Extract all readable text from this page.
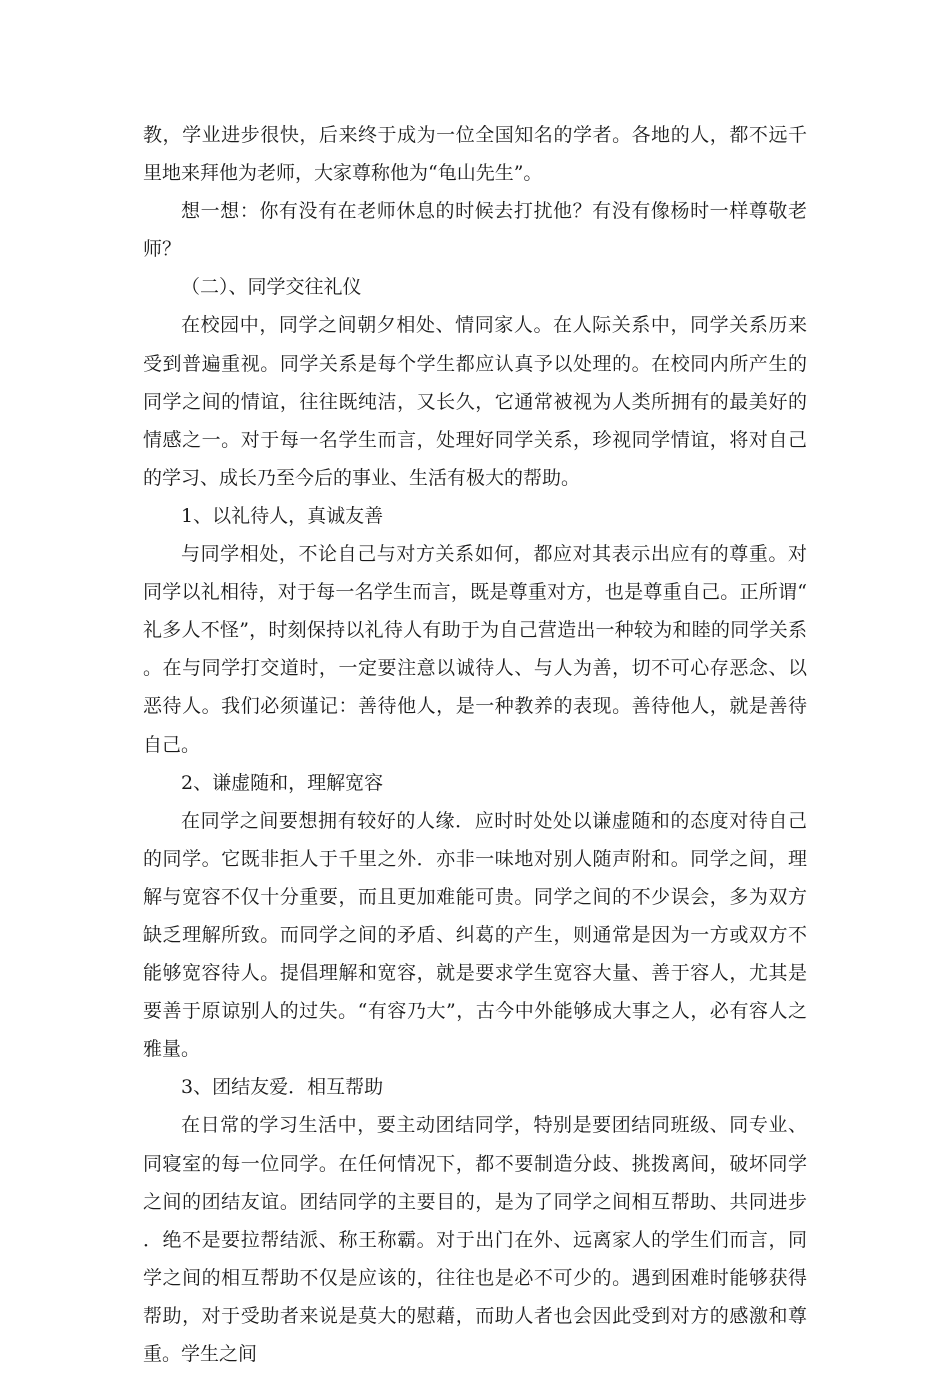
教，学业进步很快，后来终于成为一位全国知名的学者。各地的人，都不远千里地来拜他为老师，大家尊称他为“龟山先生”。

想一想：你有没有在老师休息的时候去打扰他？有没有像杨时一样尊敬老师？

（二）、同学交往礼仪

在校园中，同学之间朝夕相处、情同家人。在人际关系中，同学关系历来受到普遍重视。同学关系是每个学生都应认真予以处理的。在校同内所产生的同学之间的情谊，往往既纯洁，又长久，它通常被视为人类所拥有的最美好的情感之一。对于每一名学生而言，处理好同学关系，珍视同学情谊，将对自己的学习、成长乃至今后的事业、生活有极大的帮助。

1、以礼待人，真诚友善

与同学相处，不论自己与对方关系如何，都应对其表示出应有的尊重。对同学以礼相待，对于每一名学生而言，既是尊重对方，也是尊重自己。正所谓“礼多人不怪”，时刻保持以礼待人有助于为自己营造出一种较为和睦的同学关系。在与同学打交道时，一定要注意以诚待人、与人为善，切不可心存恶念、以恶待人。我们必须谨记：善待他人，是一种教养的表现。善待他人，就是善待自己。

2、谦虚随和，理解宽容

在同学之间要想拥有较好的人缘．应时时处处以谦虚随和的态度对待自己的同学。它既非拒人于千里之外．亦非一味地对别人随声附和。同学之间，理解与宽容不仅十分重要，而且更加难能可贵。同学之间的不少误会，多为双方缺乏理解所致。而同学之间的矛盾、纠葛的产生，则通常是因为一方或双方不能够宽容待人。提倡理解和宽容，就是要求学生宽容大量、善于容人，尤其是要善于原谅别人的过失。“有容乃大”，古今中外能够成大事之人，必有容人之雅量。

3、团结友爱．相互帮助

在日常的学习生活中，要主动团结同学，特别是要团结同班级、同专业、同寝室的每一位同学。在任何情况下，都不要制造分歧、挑拨离间，破坏同学之间的团结友谊。团结同学的主要目的，是为了同学之间相互帮助、共同进步．绝不是要拉帮结派、称王称霸。对于出门在外、远离家人的学生们而言，同学之间的相互帮助不仅是应该的，往往也是必不可少的。遇到困难时能够获得帮助，对于受助者来说是莫大的慰藉，而助人者也会因此受到对方的感激和尊重。学生之间
